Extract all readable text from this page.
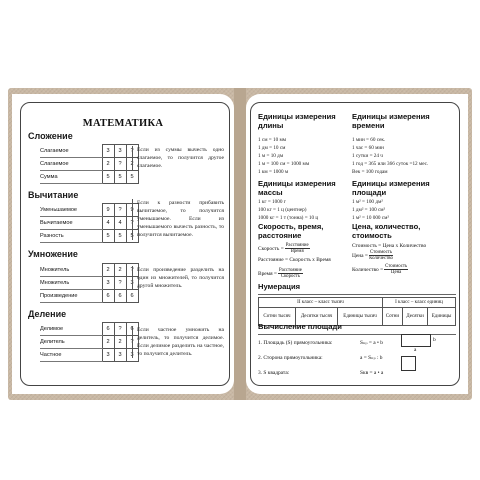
МАТЕМАТИКА
Сложение
Слагаемое	3	3	?	
Слагаемое	2	?	2	
Сумма	5	5	5	
Если из суммы вычесть одно слагаемое, то получится другое слагаемое.
Вычитание
Уменьшаемое	9	?	9	
Вычитаемое	4	4	?	
Разность	5	5	5	
Если к разности прибавить вычитаемое, то получится уменьшаемое. Если из уменьшаемого вычесть разность, то получится вычитаемое.
Умножение
Множитель	2	2	?	
Множитель	3	?	3	
Произведение	6	6	6	
Если произведение разделить на один из множителей, то получится другой множитель.
Деление
Делимое	6	?	6	
Делитель	2	2	?	
Частное	3	3	3	
Если частное умножить на делитель, то получится делимое. Если делимое разделить на частное, то получится делитель.
Единицы измерения длины
1 см = 10 мм
1 дм = 10 см
1 м = 10 дм
1 м = 100 см = 1000 мм
1 км = 1000 м
Единицы измерения времени
1 мин = 60 сек.
1 час = 60 мин
1 сутки = 24 ч
1 год = 365 или 366 суток =12 мес.
Век = 100 годам
Единицы измерения массы
1 кг = 1000 г
100 кг = 1 ц (центнер)
1000 кг = 1 т (тонна) = 10 ц
Единицы измерения площади
1 м² = 100 дм²
1 дм² = 100 см²
1 м² = 10 000 см²
Скорость, время, расстояние
Скорость = $\frac{\text{Расстояние}}{\text{Время}}$
Расстояние = Скорость x Время
Время = $\frac{\text{Расстояние}}{\text{Скорость}}$
Цена, количество, стоимость
Стоимость = Цена x Количество
Цена = $\frac{\text{Стоимость}}{\text{Количество}}$
Количество = $\frac{\text{Стоимость}}{\text{Цена}}$
Нумерация
II класс – класс тысяч			I класс – класс единиц		
Сотни тысяч	Десятки тысяч	Единицы тысяч	Сотни	Десятки	Единицы
Вычисление площади
1. Площадь (S) прямоугольника:	Sₙₚ = a • b
2. Сторона прямоугольника:	a = Sₙₚ : b
3. S квадрата:	Sкв = a • a
b
a
